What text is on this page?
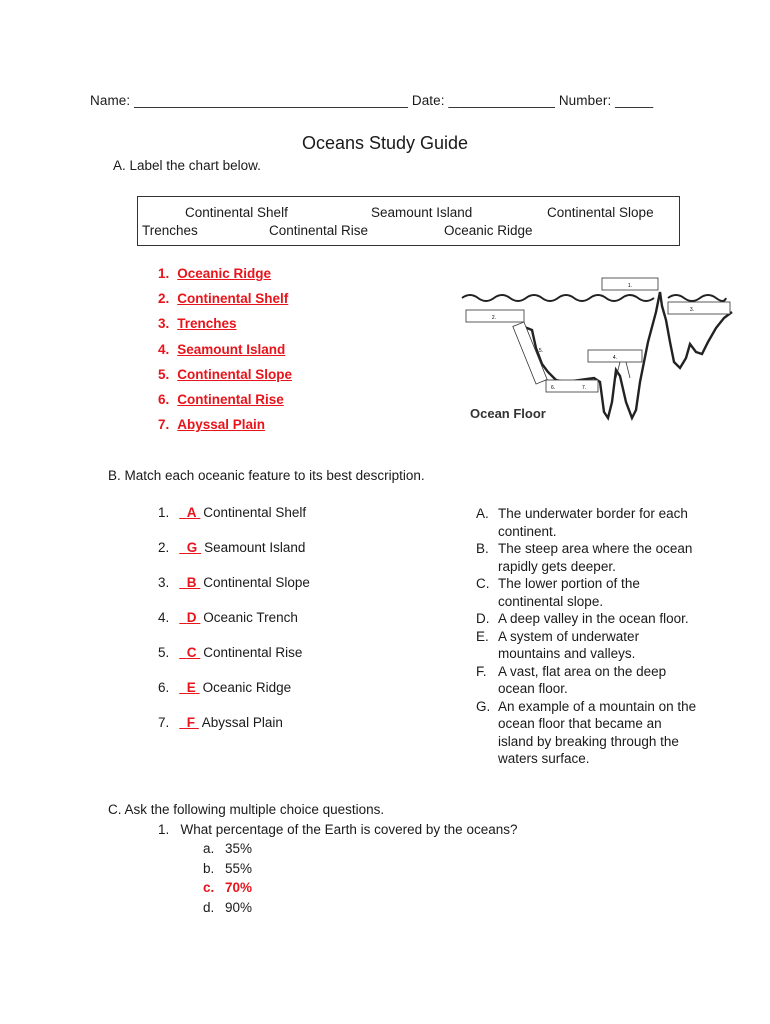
Name: ____________________________________ Date: ______________ Number: _____
Oceans Study Guide
A. Label the chart below.
Continental Shelf	Seamount Island	Continental Slope
Trenches	Continental Rise	Oceanic Ridge
1. Oceanic Ridge
2. Continental Shelf
3. Trenches
4. Seamount Island
5. Continental Slope
6. Continental Rise
7. Abyssal Plain
1.
3.
2.
4.
5.
6.	7.
Ocean Floor
B. Match each oceanic feature to its best description.
1. A Continental Shelf
2. G Seamount Island
3. B Continental Slope
4. D Oceanic Trench
5. C Continental Rise
6. E Oceanic Ridge
7. F Abyssal Plain
A. The underwater border for each continent.
B. The steep area where the ocean rapidly gets deeper.
C. The lower portion of the continental slope.
D. A deep valley in the ocean floor.
E. A system of underwater mountains and valleys.
F. A vast, flat area on the deep ocean floor.
G. An example of a mountain on the ocean floor that became an island by breaking through the waters surface.
C. Ask the following multiple choice questions.
1. What percentage of the Earth is covered by the oceans?
a. 35%
b. 55%
c. 70%
d. 90%
